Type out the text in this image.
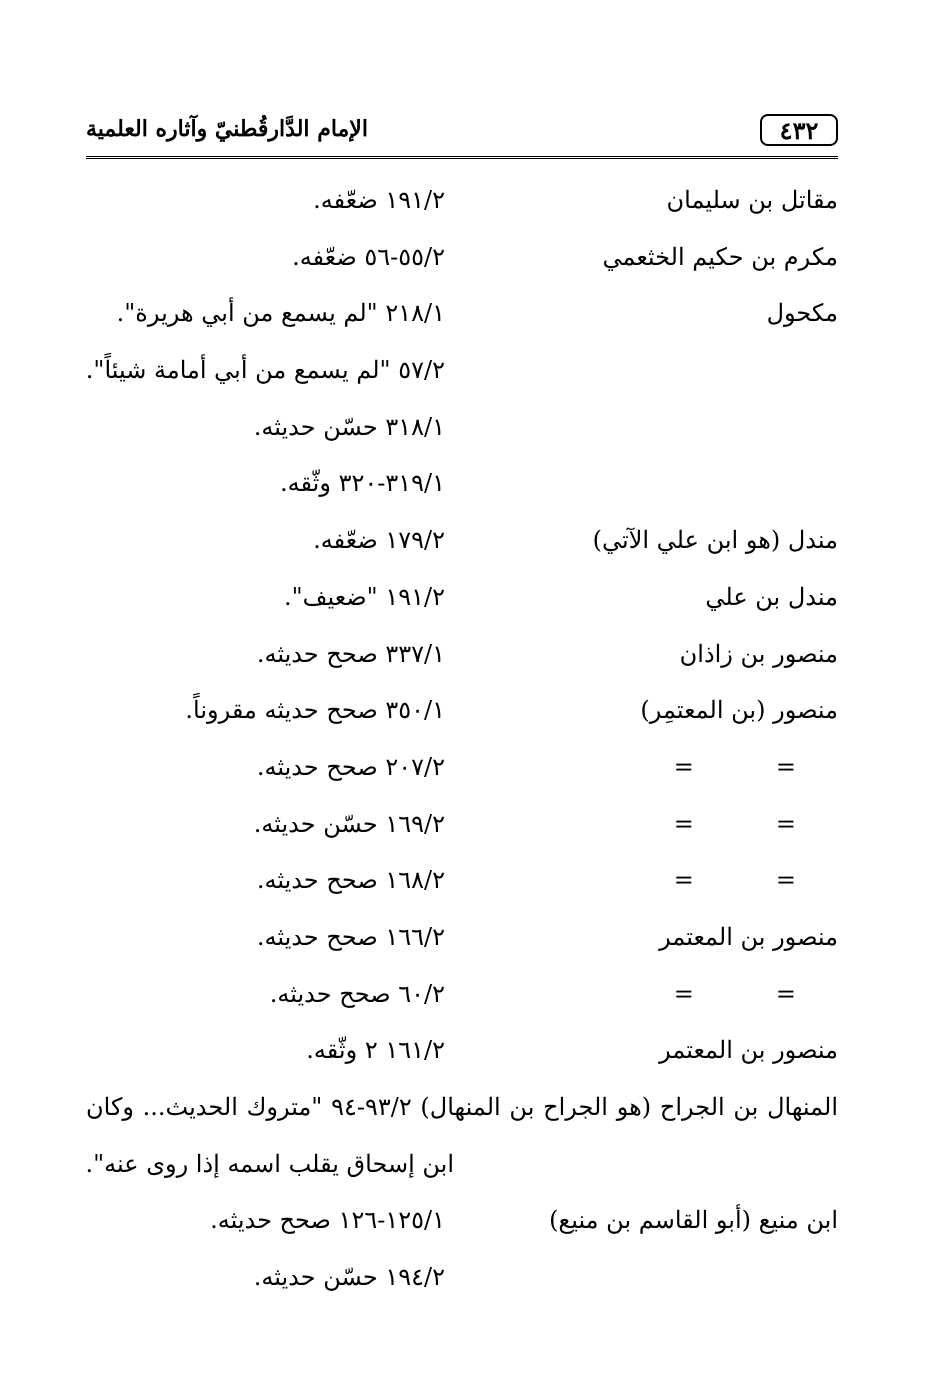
٤٣٢
الإمام الدَّارقُطنيّ وآثاره العلمية
مقاتل بن سليمان
١٩١/٢ ضعّفه.
مكرم بن حكيم الخثعمي
٥٥/٢-٥٦ ضعّفه.
مكحول
٢١٨/١ "لم يسمع من أبي هريرة".
٥٧/٢ "لم يسمع من أبي أمامة شيئاً".
٣١٨/١ حسّن حديثه.
٣١٩/١-٣٢٠ وثّقه.
مندل (هو ابن علي الآتي)
١٧٩/٢ ضعّفه.
مندل بن علي
١٩١/٢ "ضعيف".
منصور بن زاذان
٣٣٧/١ صحح حديثه.
منصور (بن المعتمِر)
٣٥٠/١ صحح حديثه مقروناً.
=
=
٢٠٧/٢ صحح حديثه.
=
=
١٦٩/٢ حسّن حديثه.
=
=
١٦٨/٢ صحح حديثه.
منصور بن المعتمر
١٦٦/٢ صحح حديثه.
=
=
٦٠/٢ صحح حديثه.
منصور بن المعتمر
١٦١/٢ ٢ وثّقه.
المنهال بن الجراح (هو الجراح بن المنهال) ٩٣/٢-٩٤ "متروك الحديث... وكان
ابن إسحاق يقلب اسمه إذا روى عنه".
ابن منيع (أبو القاسم بن منيع)
١٢٥/١-١٢٦ صحح حديثه.
١٩٤/٢ حسّن حديثه.
